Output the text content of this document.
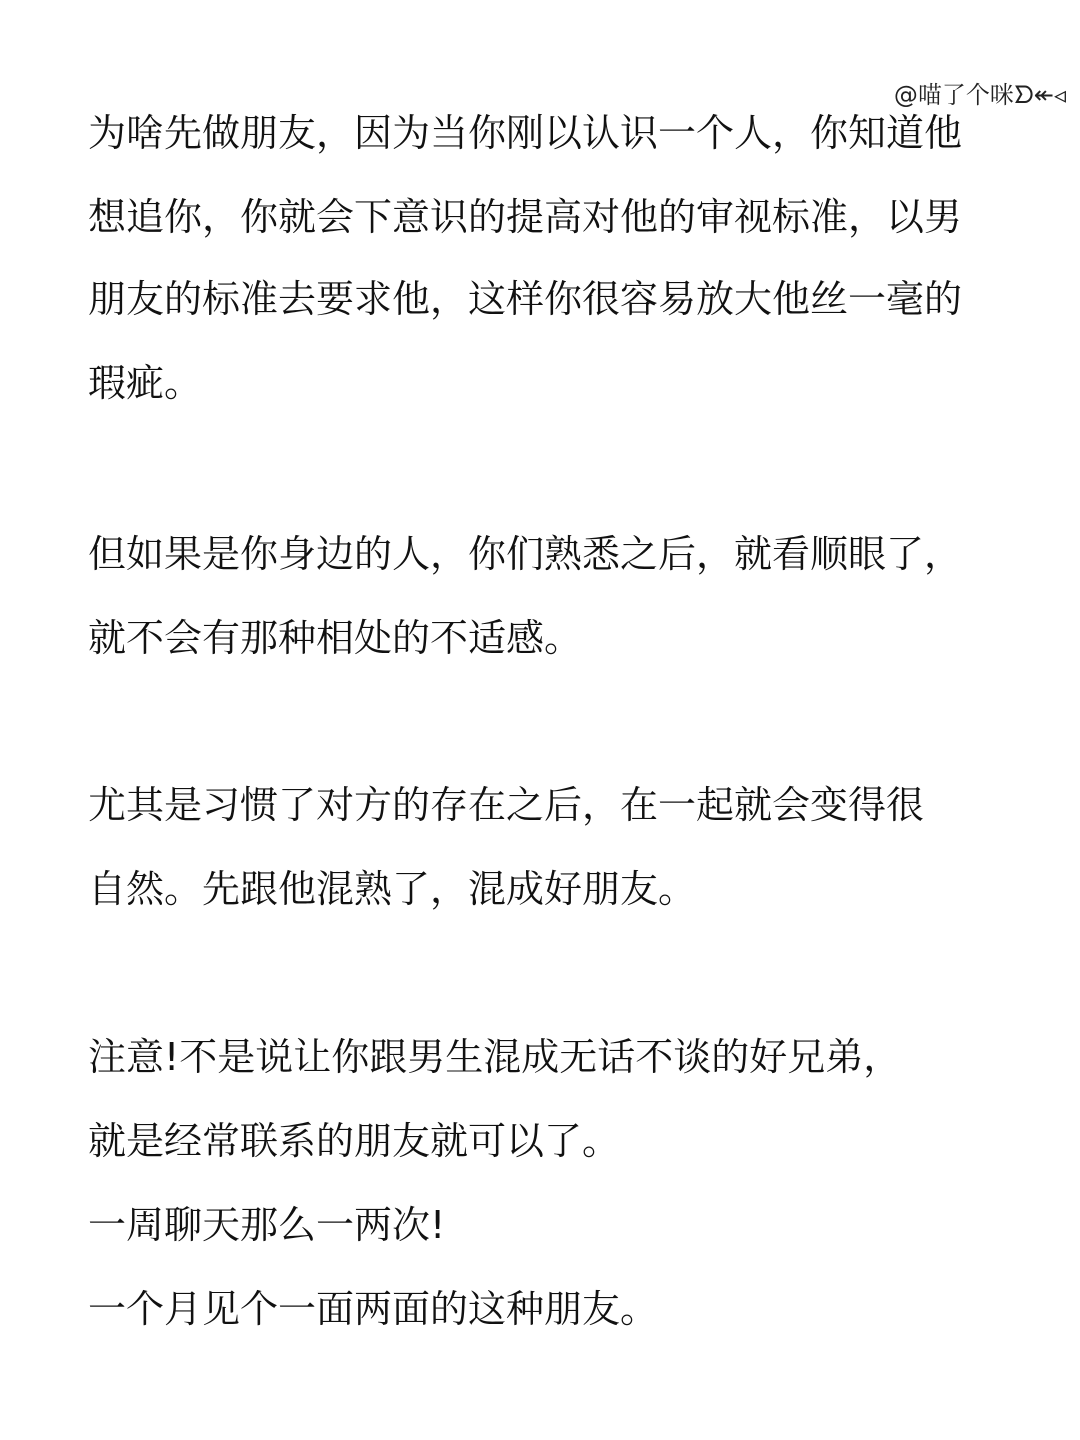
@喵了个咪ᗤ↞◃
为啥先做朋友，因为当你刚以认识一个人，你知道他
想追你，你就会下意识的提高对他的审视标准，以男
朋友的标准去要求他，这样你很容易放大他丝一毫的
瑕疵。
但如果是你身边的人，你们熟悉之后，就看顺眼了，
就不会有那种相处的不适感。
尤其是习惯了对方的存在之后，在一起就会变得很
自然。先跟他混熟了，混成好朋友。
注意!不是说让你跟男生混成无话不谈的好兄弟，
就是经常联系的朋友就可以了。
一周聊天那么一两次!
一个月见个一面两面的这种朋友。
